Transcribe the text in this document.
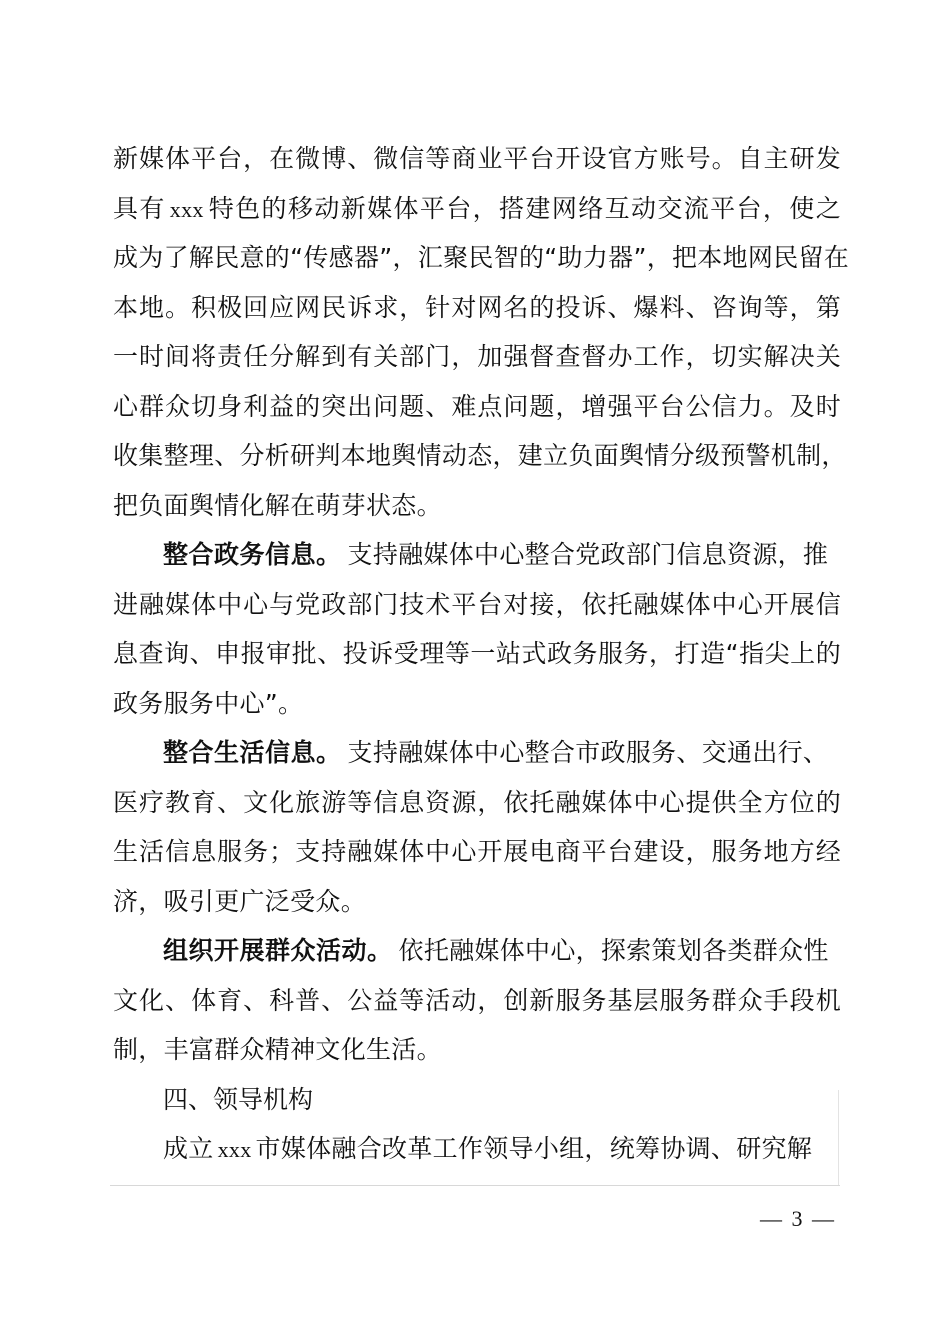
新媒体平台，在微博、微信等商业平台开设官方账号。自主研发
具有 xxx 特色的移动新媒体平台，搭建网络互动交流平台，使之
成为了解民意的“传感器”，汇聚民智的“助力器”，把本地网民留在
本地。积极回应网民诉求，针对网名的投诉、爆料、咨询等，第
一时间将责任分解到有关部门，加强督查督办工作，切实解决关
心群众切身利益的突出问题、难点问题，增强平台公信力。及时
收集整理、分析研判本地舆情动态，建立负面舆情分级预警机制，
把负面舆情化解在萌芽状态。
整合政务信息。 支持融媒体中心整合党政部门信息资源，推
进融媒体中心与党政部门技术平台对接，依托融媒体中心开展信
息查询、申报审批、投诉受理等一站式政务服务，打造“指尖上的
政务服务中心”。
整合生活信息。 支持融媒体中心整合市政服务、交通出行、
医疗教育、文化旅游等信息资源，依托融媒体中心提供全方位的
生活信息服务；支持融媒体中心开展电商平台建设，服务地方经
济，吸引更广泛受众。
组织开展群众活动。 依托融媒体中心，探索策划各类群众性
文化、体育、科普、公益等活动，创新服务基层服务群众手段机
制，丰富群众精神文化生活。
四、领导机构
成立 xxx 市媒体融合改革工作领导小组，统筹协调、研究解
— 3 —
